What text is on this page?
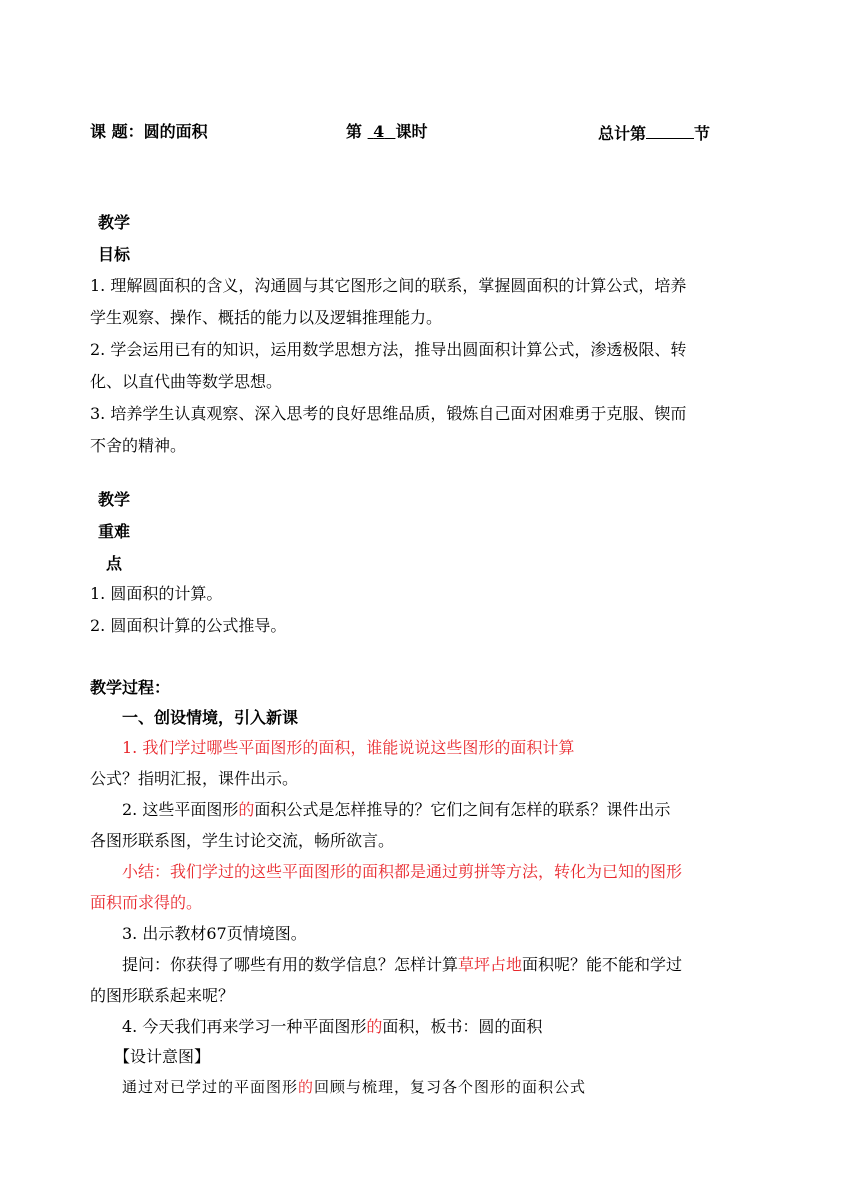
课 题：圆的面积	第  4 课时	总计第	节
教学
目标
1. 理解圆面积的含义，沟通圆与其它图形之间的联系，掌握圆面积的计算公式，培养
学生观察、操作、概括的能力以及逻辑推理能力。
2. 学会运用已有的知识，运用数学思想方法，推导出圆面积计算公式，渗透极限、转
化、以直代曲等数学思想。
3. 培养学生认真观察、深入思考的良好思维品质，锻炼自己面对困难勇于克服、锲而
不舍的精神。
教学
重难
点
1. 圆面积的计算。
2. 圆面积计算的公式推导。
教学过程：
一、创设情境，引入新课
1. 我们学过哪些平面图形的面积，谁能说说这些图形的面积计算
公式？指明汇报，课件出示。
2. 这些平面图形的面积公式是怎样推导的？它们之间有怎样的联系？课件出示
各图形联系图，学生讨论交流，畅所欲言。
小结：我们学过的这些平面图形的面积都是通过剪拼等方法，转化为已知的图形
面积而求得的。
3. 出示教材67页情境图。
提问：你获得了哪些有用的数学信息？怎样计算草坪占地面积呢？能不能和学过
的图形联系起来呢？
4. 今天我们再来学习一种平面图形的面积，板书：圆的面积
【设计意图】
通过对已学过的平面图形的回顾与梳理，复习各个图形的面积公式
